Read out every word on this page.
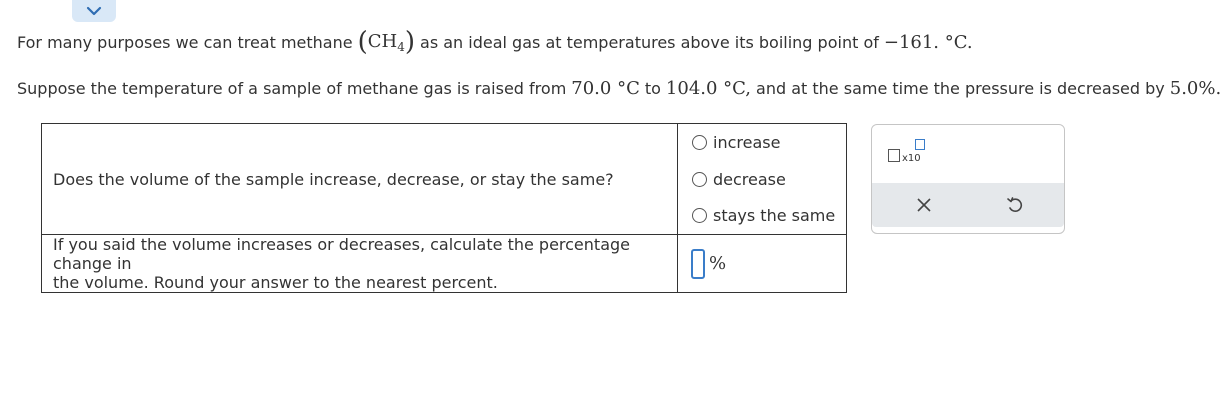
For many purposes we can treat methane ( $CH_4$ ) as an ideal gas at temperatures above its boiling point of −161. °C.
Suppose the temperature of a sample of methane gas is raised from 70.0 °C to 104.0 °C, and at the same time the pressure is decreased by 5.0%.
Does the volume of the sample increase, decrease, or stay the same?	increase
decrease
stays the same

If you said the volume increases or decreases, calculate the percentage change in
the volume. Round your answer to the nearest percent.	%
x10
